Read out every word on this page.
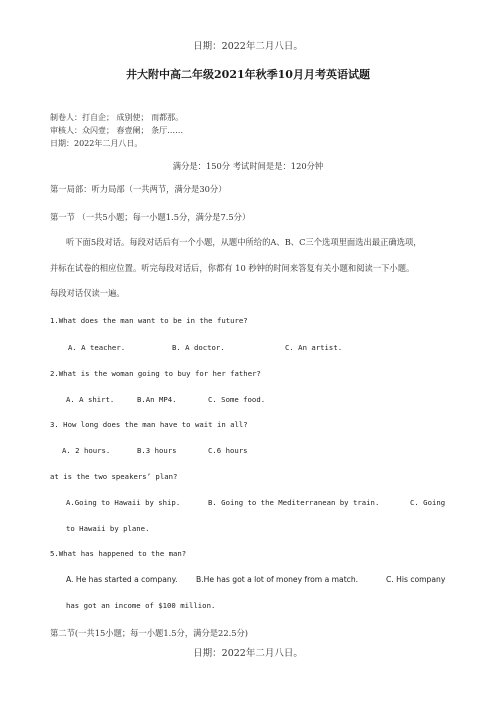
日期：2022年二月八日。
井大附中高二年级2021年秋季10月月考英语试题
制卷人：打自企； 成别使； 而都那。
审核人：众闪壹； 春壹阑； 条厅……
日期：2022年二月八日。
满分是：150分 考试时间是是：120分钟
第一局部：听力局部（一共两节，满分是30分）
第一节 （一共5小题；每一小题1.5分，满分是7.5分）
听下面5段对话。每段对话后有一个小题，从题中所给的A、B、C三个选项里面选出最正确选项，
并标在试卷的相应位置。听完每段对话后，你都有 10 秒钟的时间来答复有关小题和阅读一下小题。
每段对话仅读一遍。
1.What does the man want to be in the future?
A. A teacher.	B. A doctor.	C. An artist.
2.What is the woman going to buy for her father?
A. A shirt.	B.An MP4.	C. Some food.
3. How long does the man have to wait in all?
A. 2 hours.	B.3 hours	C.6 hours
at is the two speakers’ plan?
A.Going to Hawaii by ship.	B. Going to the Mediterranean by train.	C. Going
to Hawaii by plane.
5.What has happened to the man?
A. He has started a company. B.He has got a lot of money from a match.	C. His company
has got an income of $100 million.
第二节(一共15小题；每一小题1.5分，满分是22.5分)
日期：2022年二月八日。
